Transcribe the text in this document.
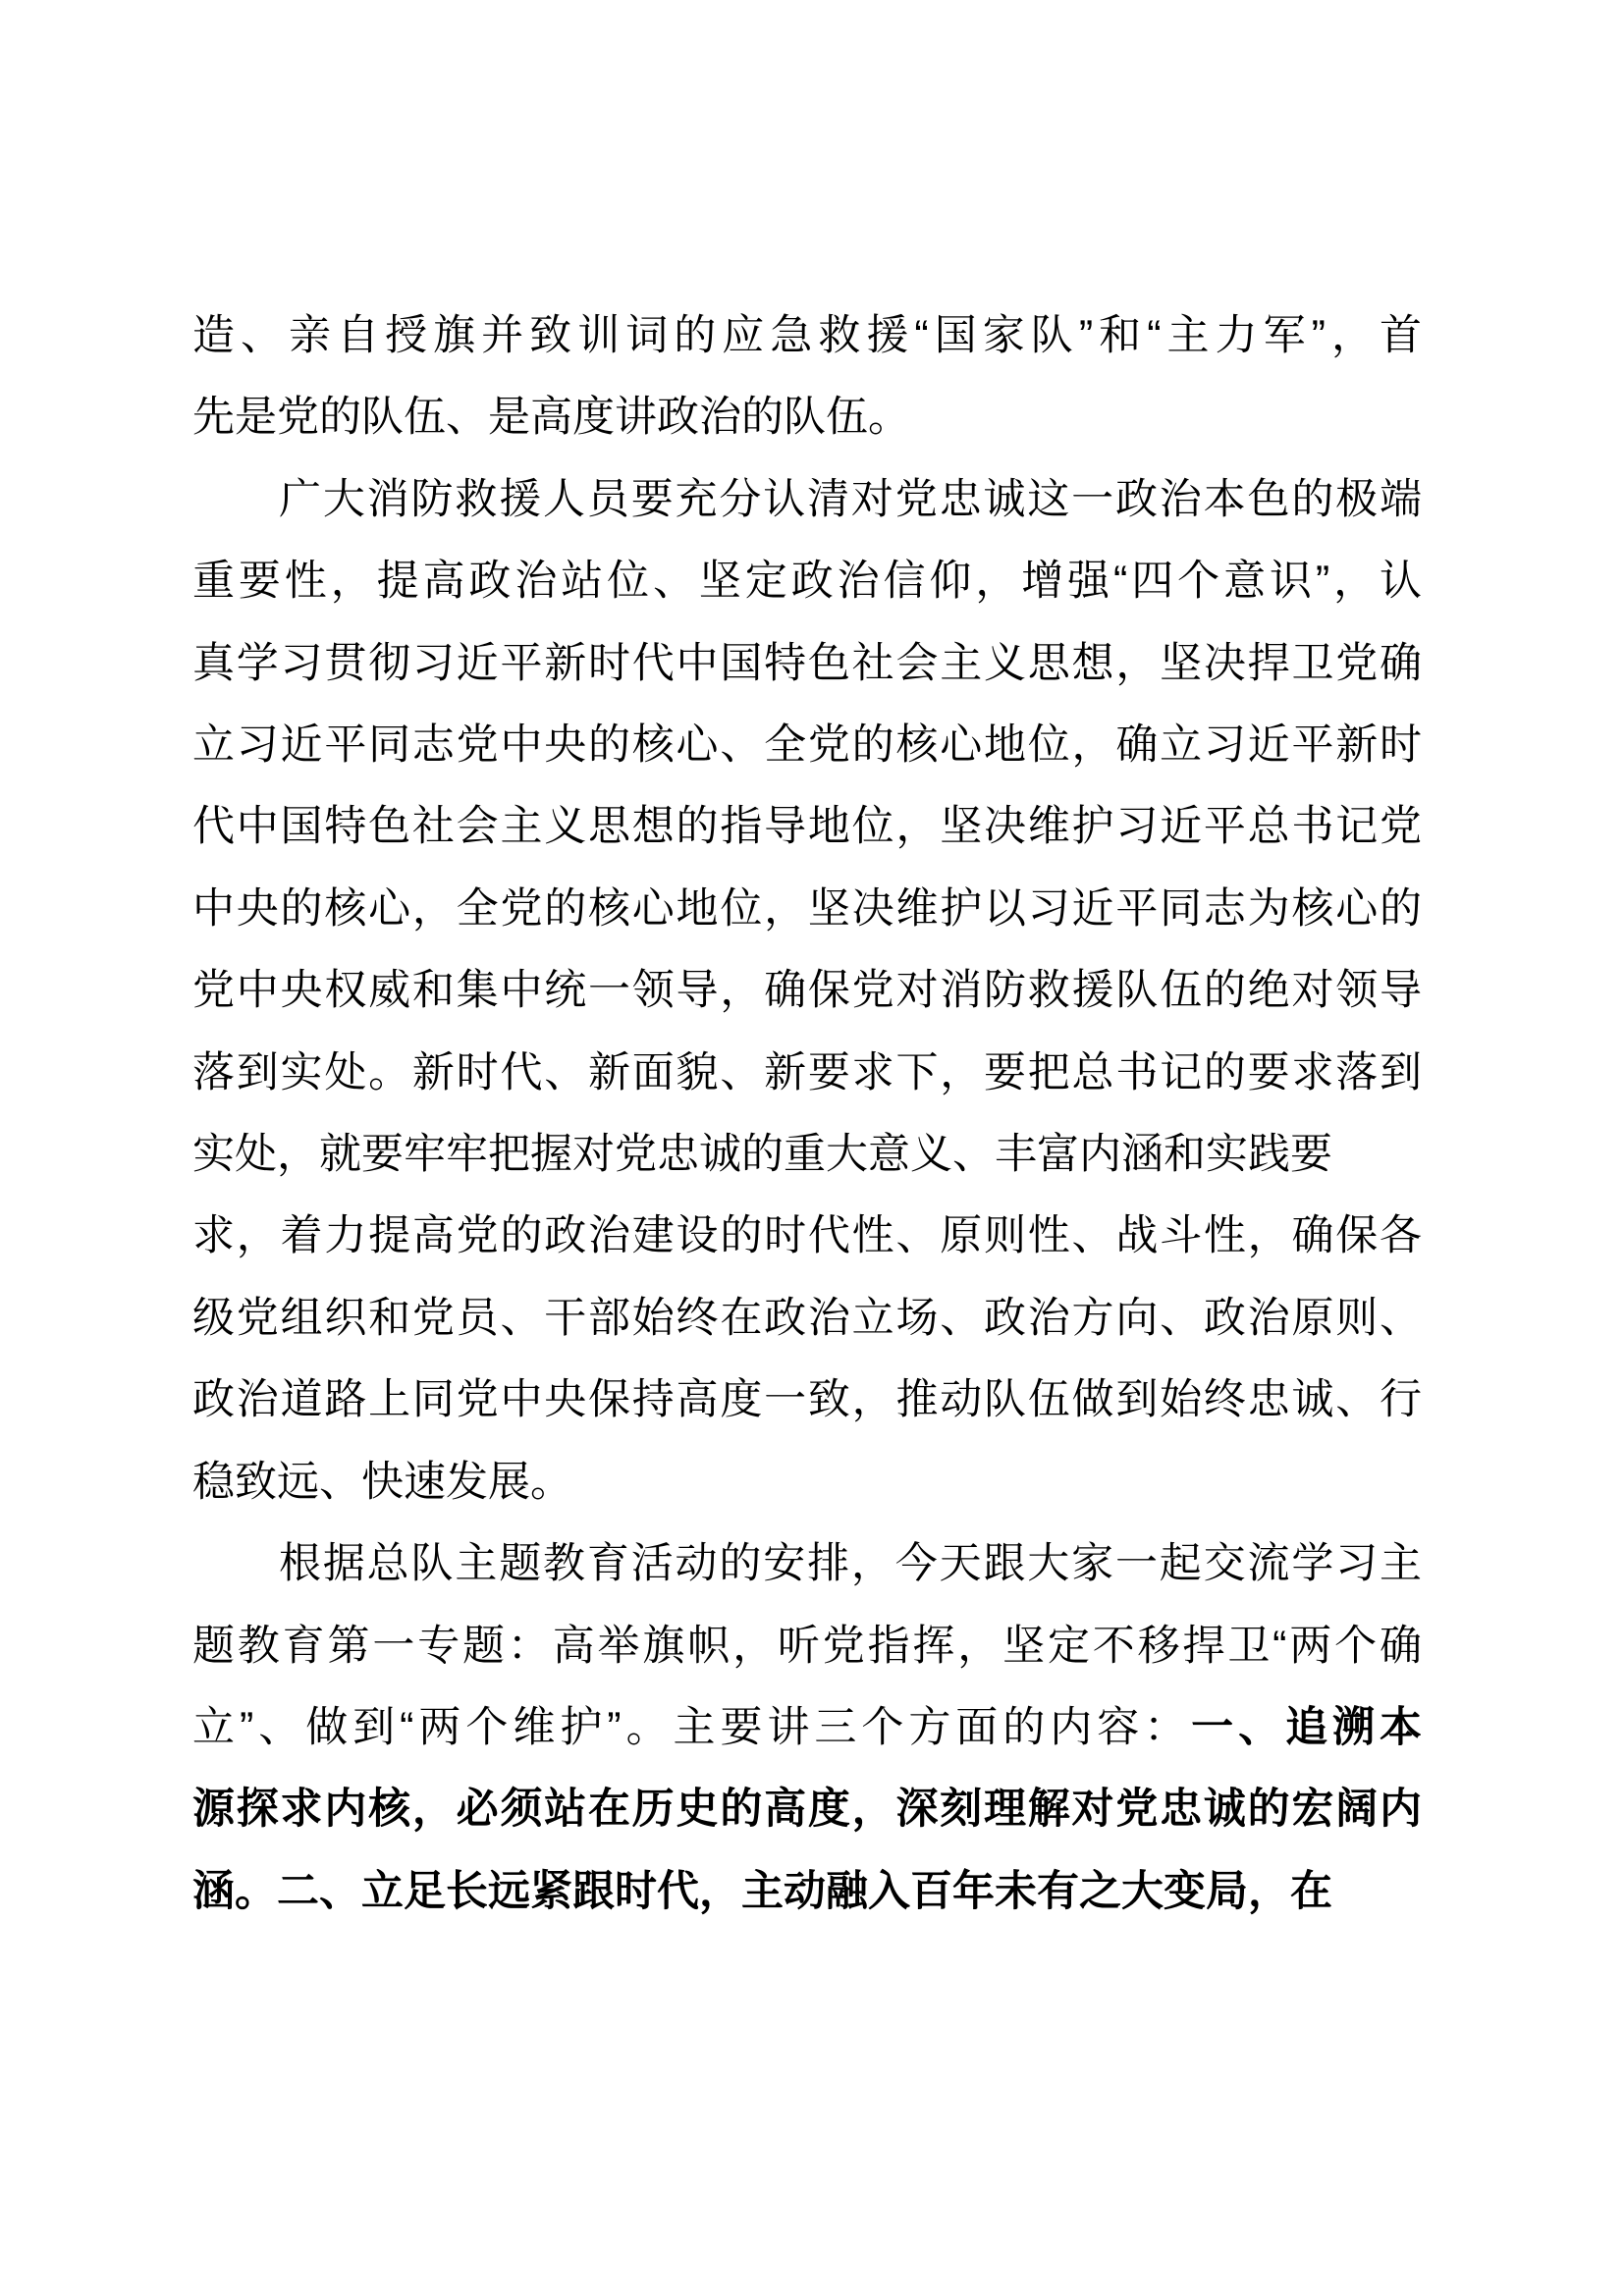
造、亲自授旗并致训词的应急救援“国家队”和“主力军”，首
先是党的队伍、是高度讲政治的队伍。
广大消防救援人员要充分认清对党忠诚这一政治本色的极端
重要性，提高政治站位、坚定政治信仰，增强“四个意识”，认
真学习贯彻习近平新时代中国特色社会主义思想，坚决捍卫党确
立习近平同志党中央的核心、全党的核心地位，确立习近平新时
代中国特色社会主义思想的指导地位，坚决维护习近平总书记党
中央的核心，全党的核心地位，坚决维护以习近平同志为核心的
党中央权威和集中统一领导，确保党对消防救援队伍的绝对领导
落到实处。新时代、新面貌、新要求下，要把总书记的要求落到
实处，就要牢牢把握对党忠诚的重大意义、丰富内涵和实践要
求，着力提高党的政治建设的时代性、原则性、战斗性，确保各
级党组织和党员、干部始终在政治立场、政治方向、政治原则、
政治道路上同党中央保持高度一致，推动队伍做到始终忠诚、行
稳致远、快速发展。
根据总队主题教育活动的安排，今天跟大家一起交流学习主
题教育第一专题：高举旗帜，听党指挥，坚定不移捍卫“两个确
立”、做到“两个维护”。主要讲三个方面的内容：一、追溯本
源探求内核，必须站在历史的高度，深刻理解对党忠诚的宏阔内
涵。二、立足长远紧跟时代，主动融入百年未有之大变局，在
